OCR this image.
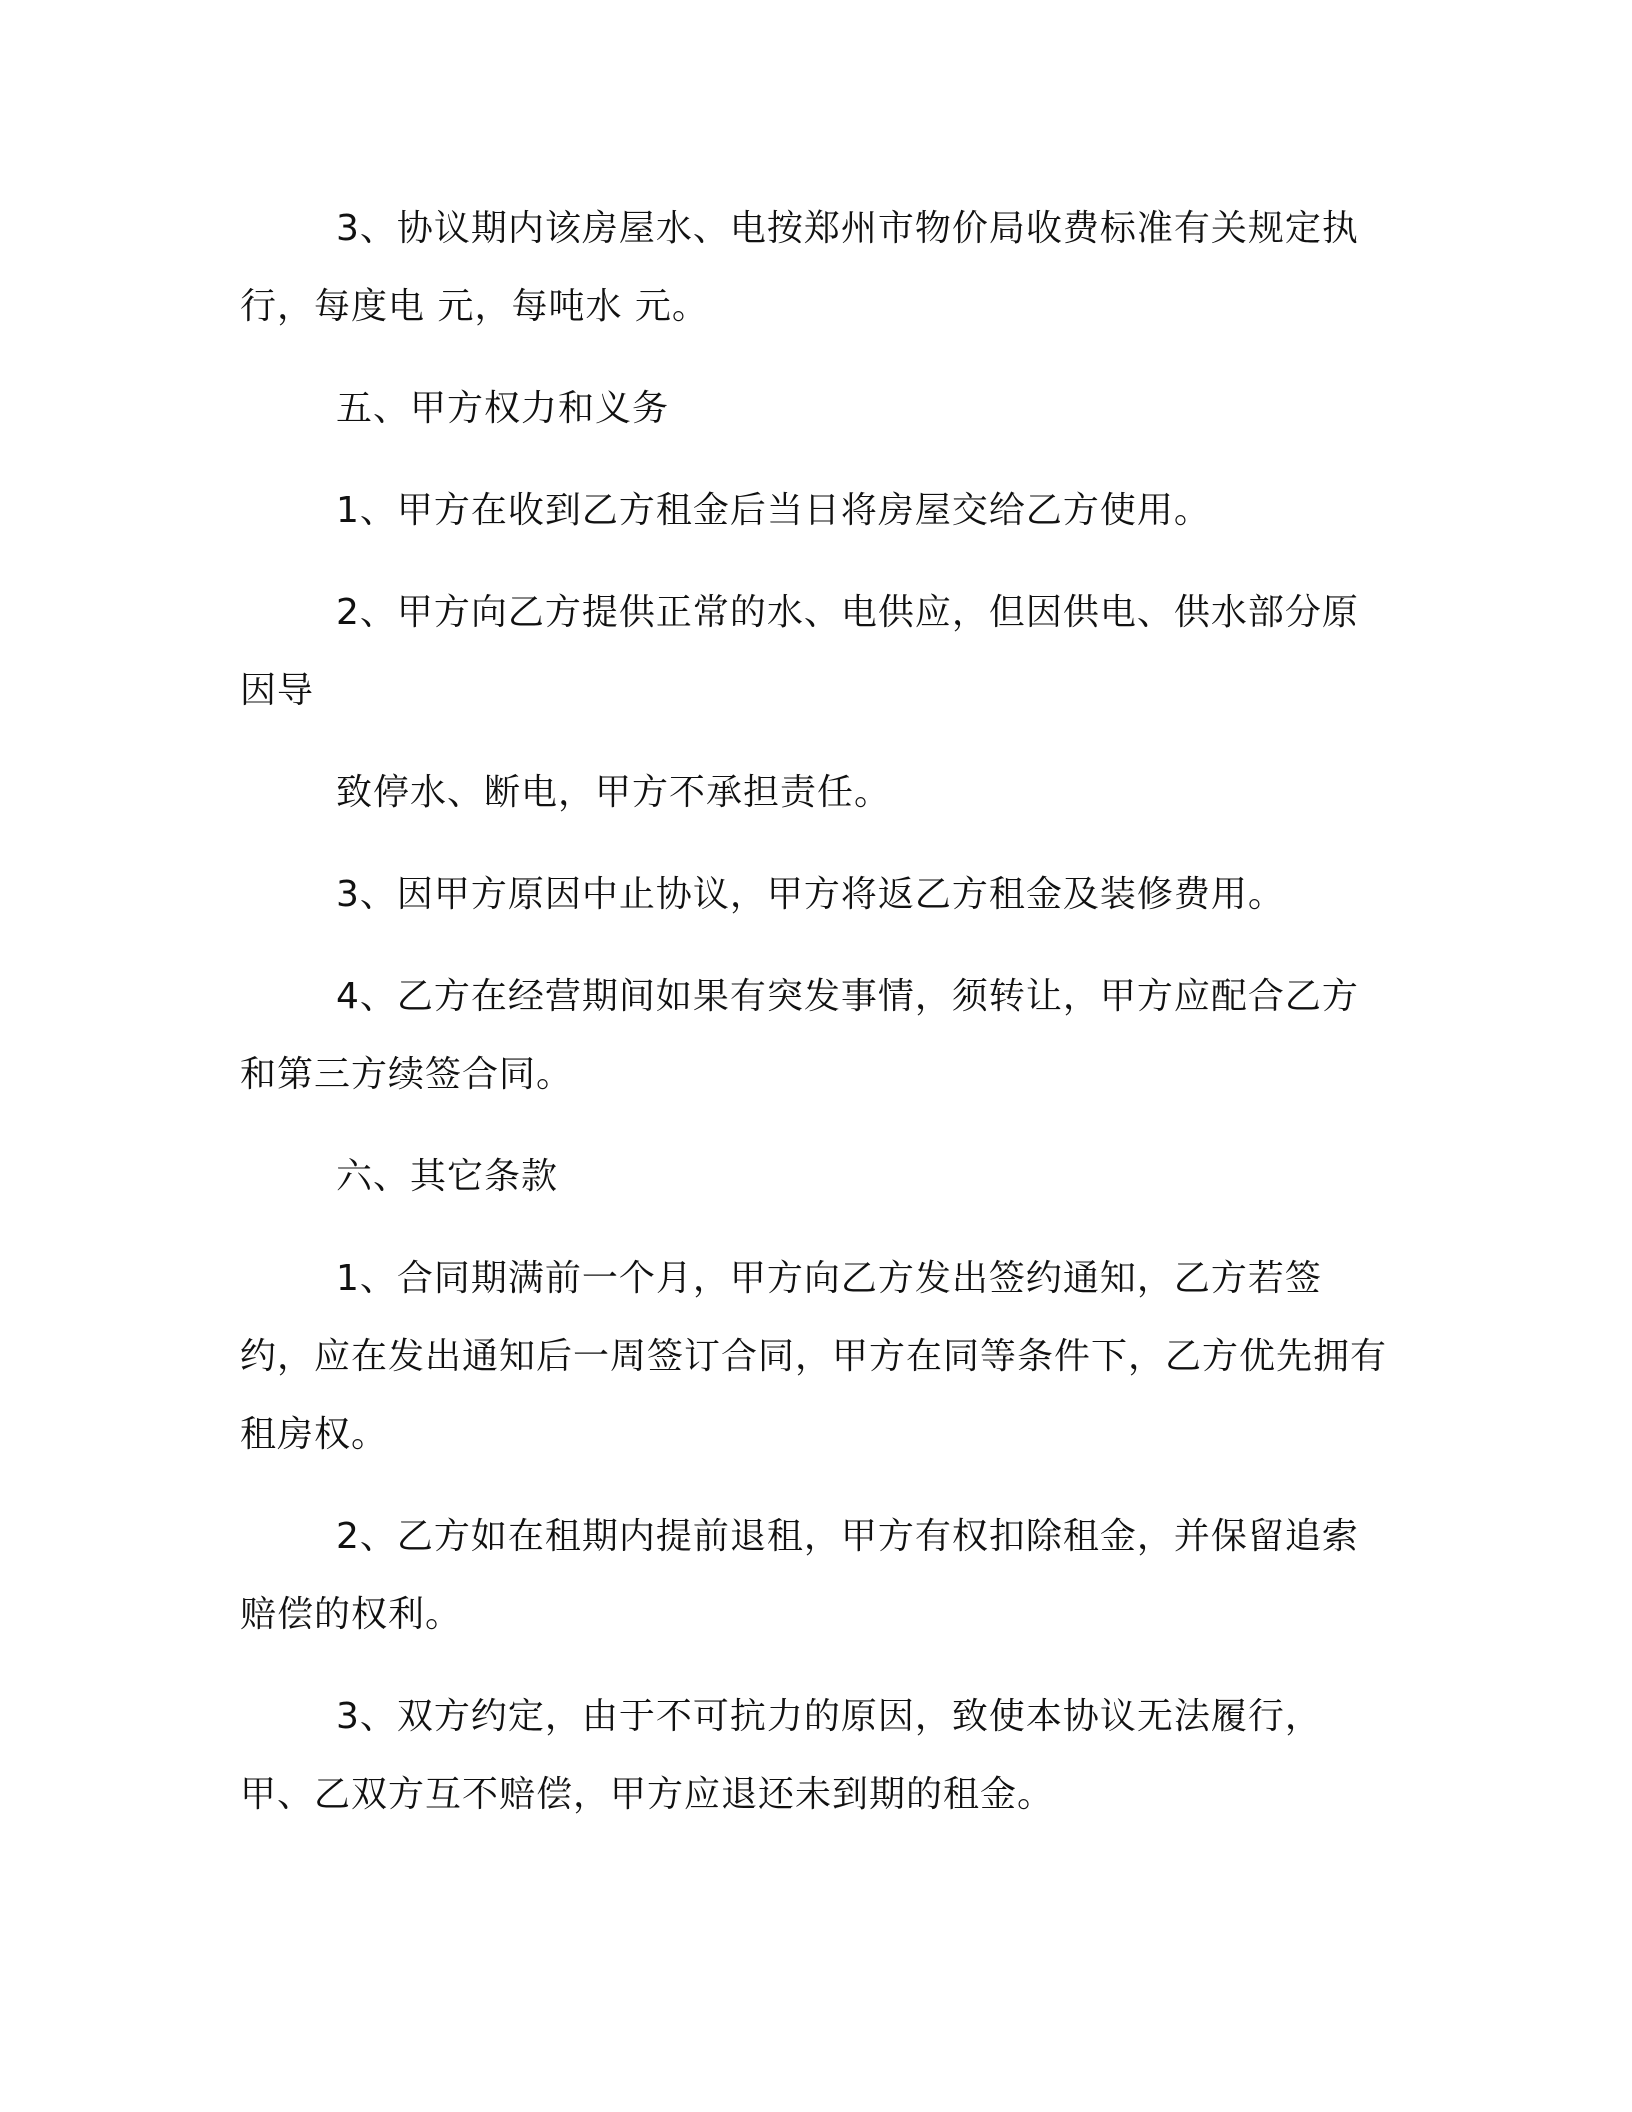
3、协议期内该房屋水、电按郑州市物价局收费标准有关规定执行，每度电 元，每吨水 元。

五、甲方权力和义务

1、甲方在收到乙方租金后当日将房屋交给乙方使用。

2、甲方向乙方提供正常的水、电供应，但因供电、供水部分原因导

致停水、断电，甲方不承担责任。

3、因甲方原因中止协议，甲方将返乙方租金及装修费用。

4、乙方在经营期间如果有突发事情，须转让，甲方应配合乙方和第三方续签合同。

六、其它条款

1、合同期满前一个月，甲方向乙方发出签约通知，乙方若签约，应在发出通知后一周签订合同，甲方在同等条件下，乙方优先拥有租房权。

2、乙方如在租期内提前退租，甲方有权扣除租金，并保留追索赔偿的权利。

3、双方约定，由于不可抗力的原因，致使本协议无法履行，甲、乙双方互不赔偿，甲方应退还未到期的租金。
